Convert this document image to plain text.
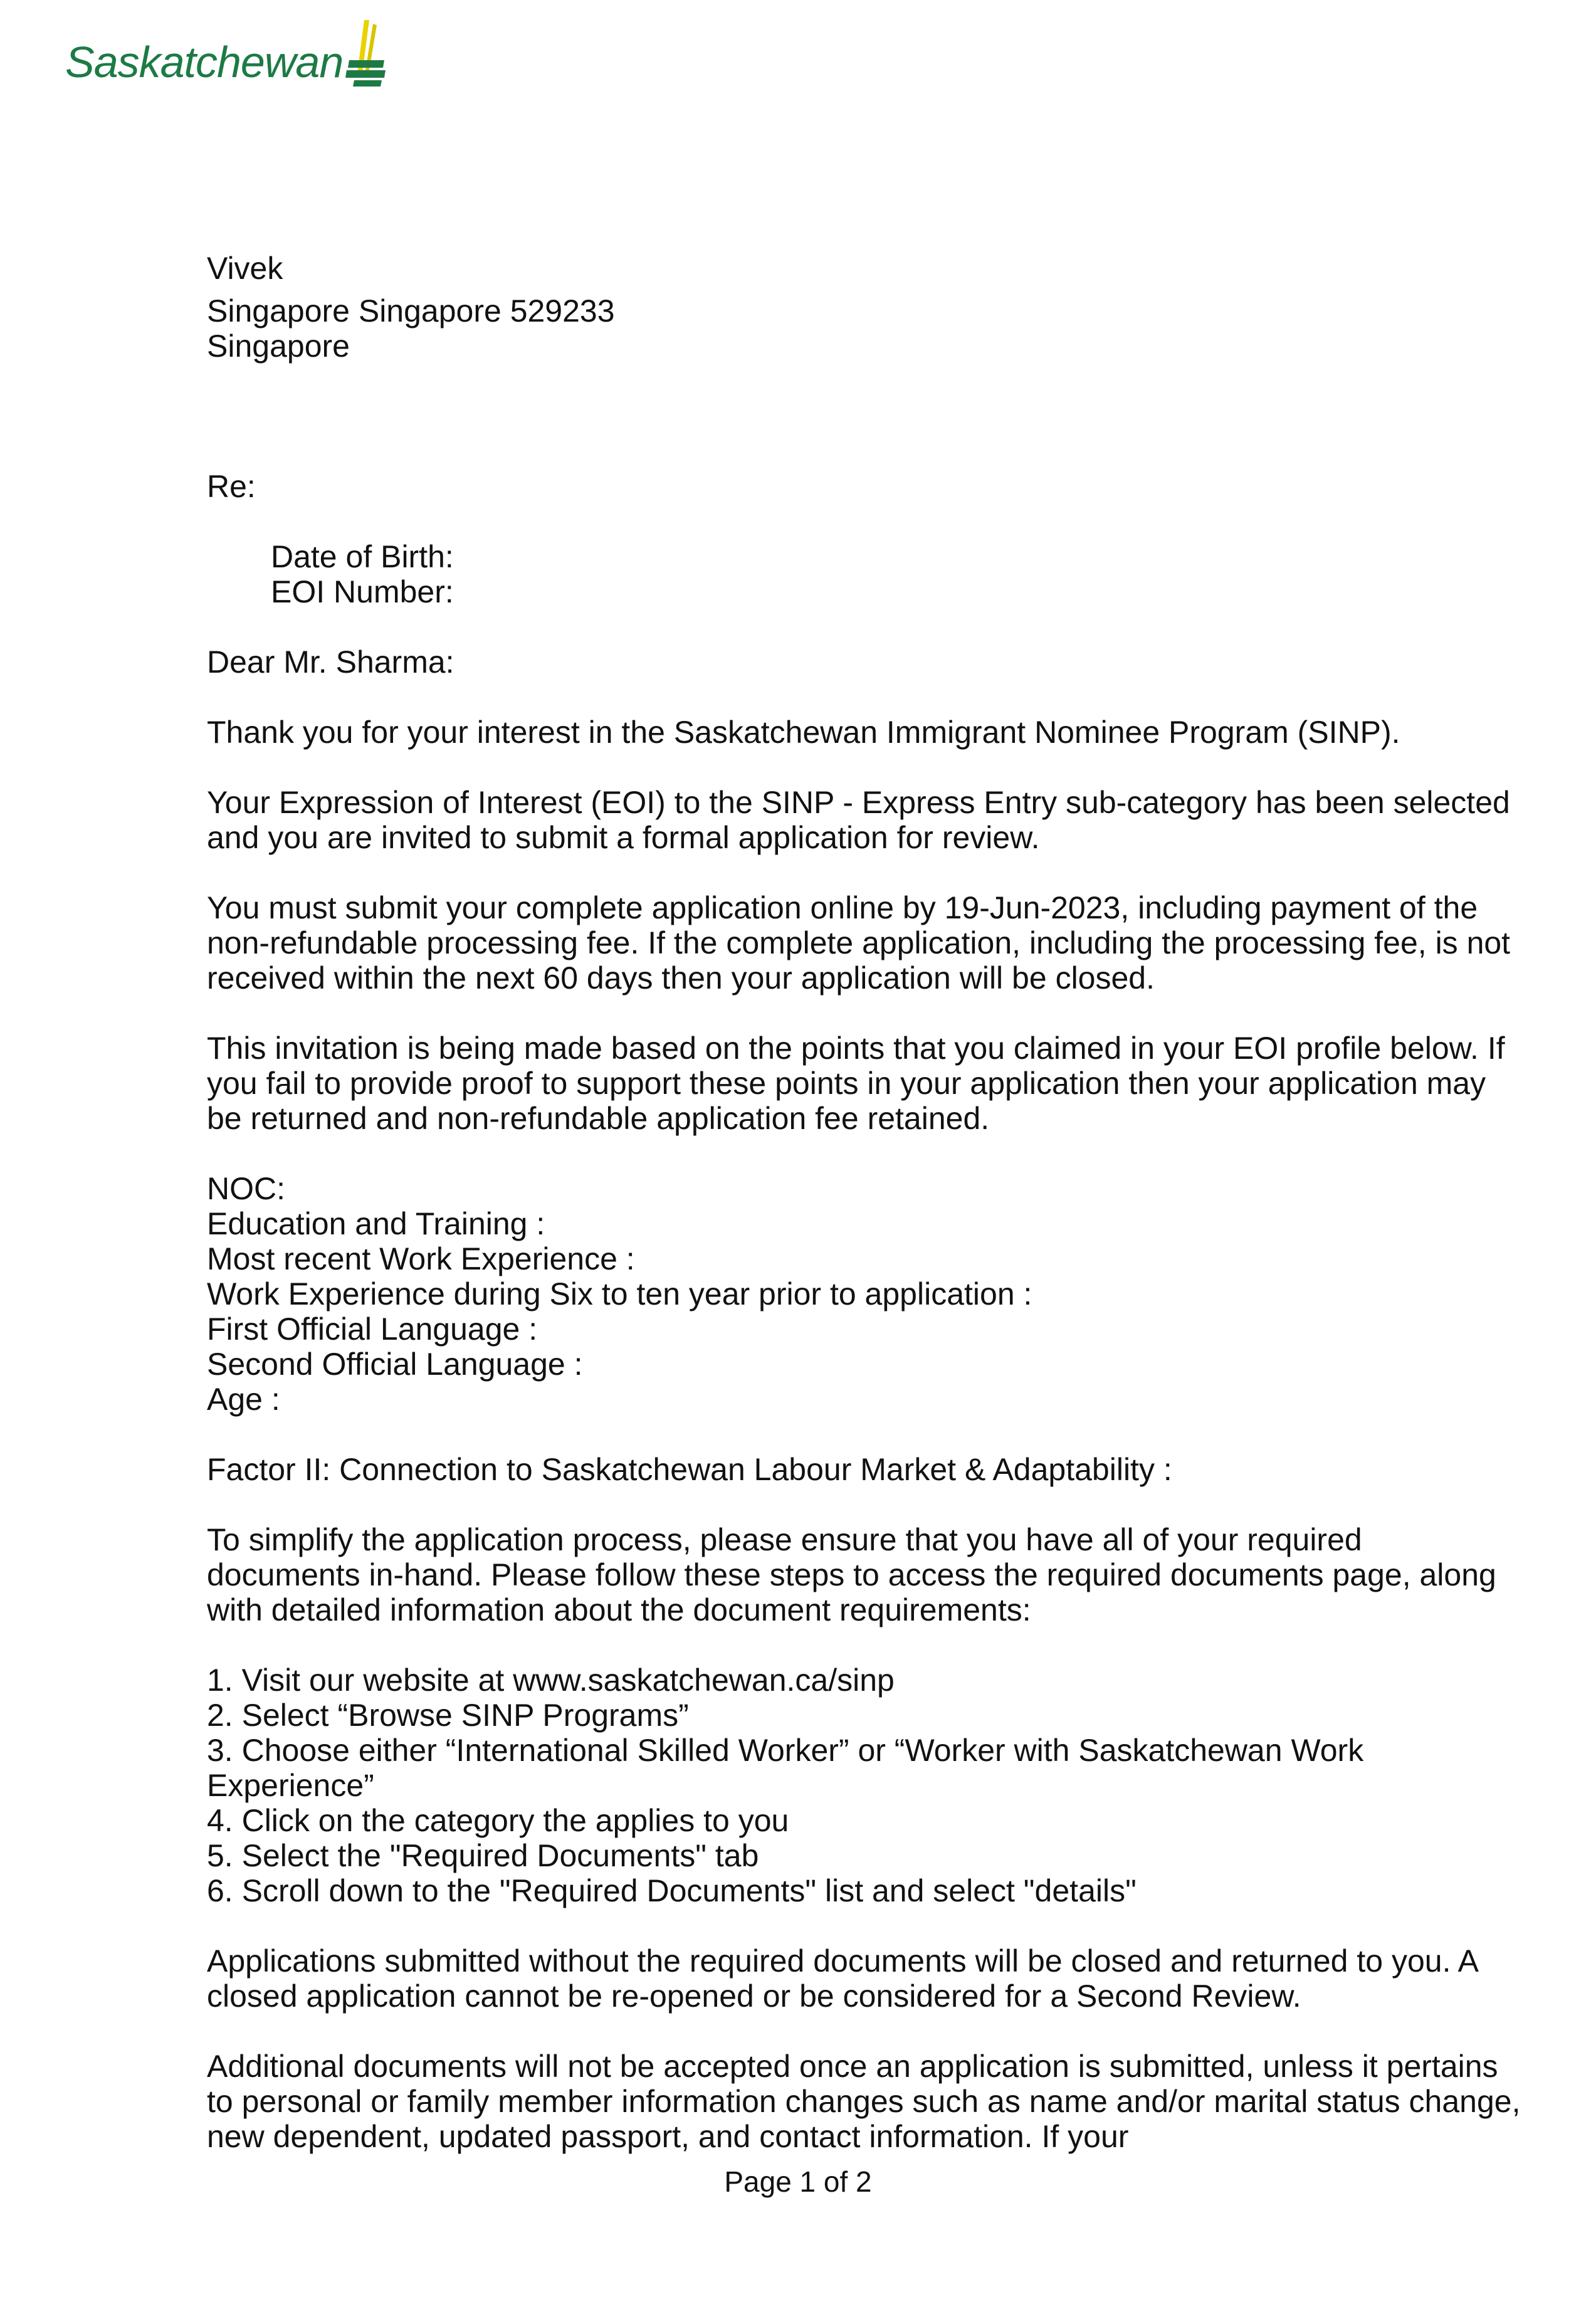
Saskatchewan

Vivek

Singapore Singapore 529233

Singapore

Re:

Date of Birth:

EOI Number:

Dear Mr. Sharma:

Thank you for your interest in the Saskatchewan Immigrant Nominee Program (SINP).

Your Expression of Interest (EOI) to the SINP - Express Entry sub-category has been selected and you are invited to submit a formal application for review.

You must submit your complete application online by 19-Jun-2023, including payment of the non-refundable processing fee. If the complete application, including the processing fee, is not received within the next 60 days then your application will be closed.

This invitation is being made based on the points that you claimed in your EOI profile below. If you fail to provide proof to support these points in your application then your application may be returned and non-refundable application fee retained.

NOC:

Education and Training :

Most recent Work Experience :

Work Experience during Six to ten year prior to application :

First Official Language :

Second Official Language :

Age :

Factor II: Connection to Saskatchewan Labour Market & Adaptability :

To simplify the application process, please ensure that you have all of your required documents in-hand. Please follow these steps to access the required documents page, along with detailed information about the document requirements:

1. Visit our website at www.saskatchewan.ca/sinp

2. Select “Browse SINP Programs”

3. Choose either “International Skilled Worker” or “Worker with Saskatchewan Work Experience”

4. Click on the category the applies to you

5. Select the "Required Documents" tab

6. Scroll down to the "Required Documents" list and select "details"

Applications submitted without the required documents will be closed and returned to you. A closed application cannot be re-opened or be considered for a Second Review.

Additional documents will not be accepted once an application is submitted, unless it pertains to personal or family member information changes such as name and/or marital status change, new dependent, updated passport, and contact information. If your

Page 1 of 2
